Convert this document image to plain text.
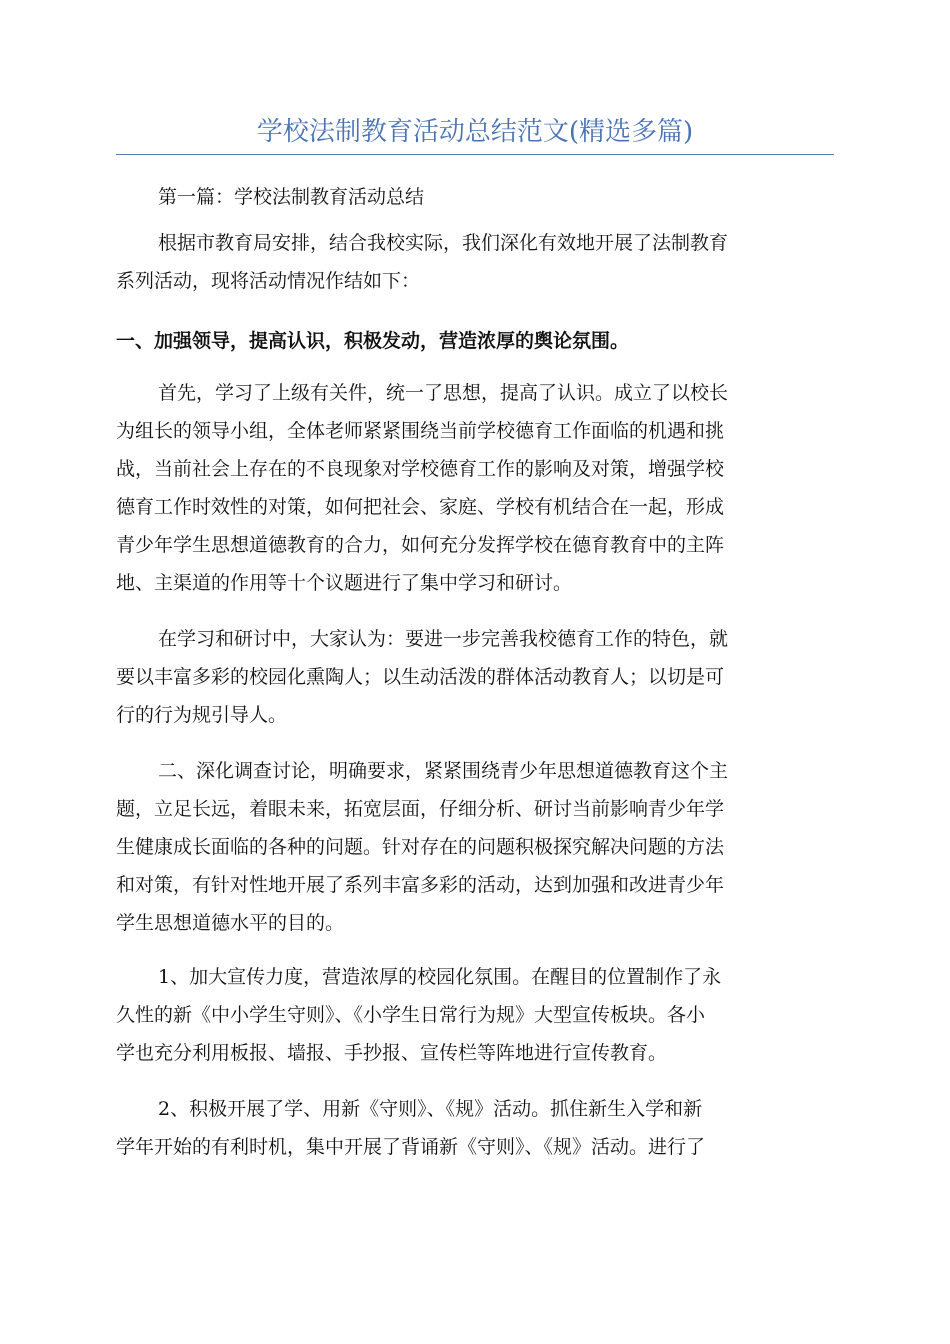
学校法制教育活动总结范文(精选多篇)

第一篇：学校法制教育活动总结

根据市教育局安排，结合我校实际，我们深化有效地开展了法制教育
系列活动，现将活动情况作结如下：
一、加强领导，提高认识，积极发动，营造浓厚的舆论氛围。
首先，学习了上级有关件，统一了思想，提高了认识。成立了以校长
为组长的领导小组，全体老师紧紧围绕当前学校德育工作面临的机遇和挑
战，当前社会上存在的不良现象对学校德育工作的影响及对策，增强学校
德育工作时效性的对策，如何把社会、家庭、学校有机结合在一起，形成
青少年学生思想道德教育的合力，如何充分发挥学校在德育教育中的主阵
地、主渠道的作用等十个议题进行了集中学习和研讨。
在学习和研讨中，大家认为：要进一步完善我校德育工作的特色，就
要以丰富多彩的校园化熏陶人；以生动活泼的群体活动教育人；以切是可
行的行为规引导人。
二、深化调查讨论，明确要求，紧紧围绕青少年思想道德教育这个主
题，立足长远，着眼未来，拓宽层面，仔细分析、研讨当前影响青少年学
生健康成长面临的各种的问题。针对存在的问题积极探究解决问题的方法
和对策，有针对性地开展了系列丰富多彩的活动，达到加强和改进青少年
学生思想道德水平的目的。
1、加大宣传力度，营造浓厚的校园化氛围。在醒目的位置制作了永
久性的新《中小学生守则》、《小学生日常行为规》大型宣传板块。各小
学也充分利用板报、墙报、手抄报、宣传栏等阵地进行宣传教育。
2、积极开展了学、用新《守则》、《规》活动。抓住新生入学和新
学年开始的有利时机，集中开展了背诵新《守则》、《规》活动。进行了
